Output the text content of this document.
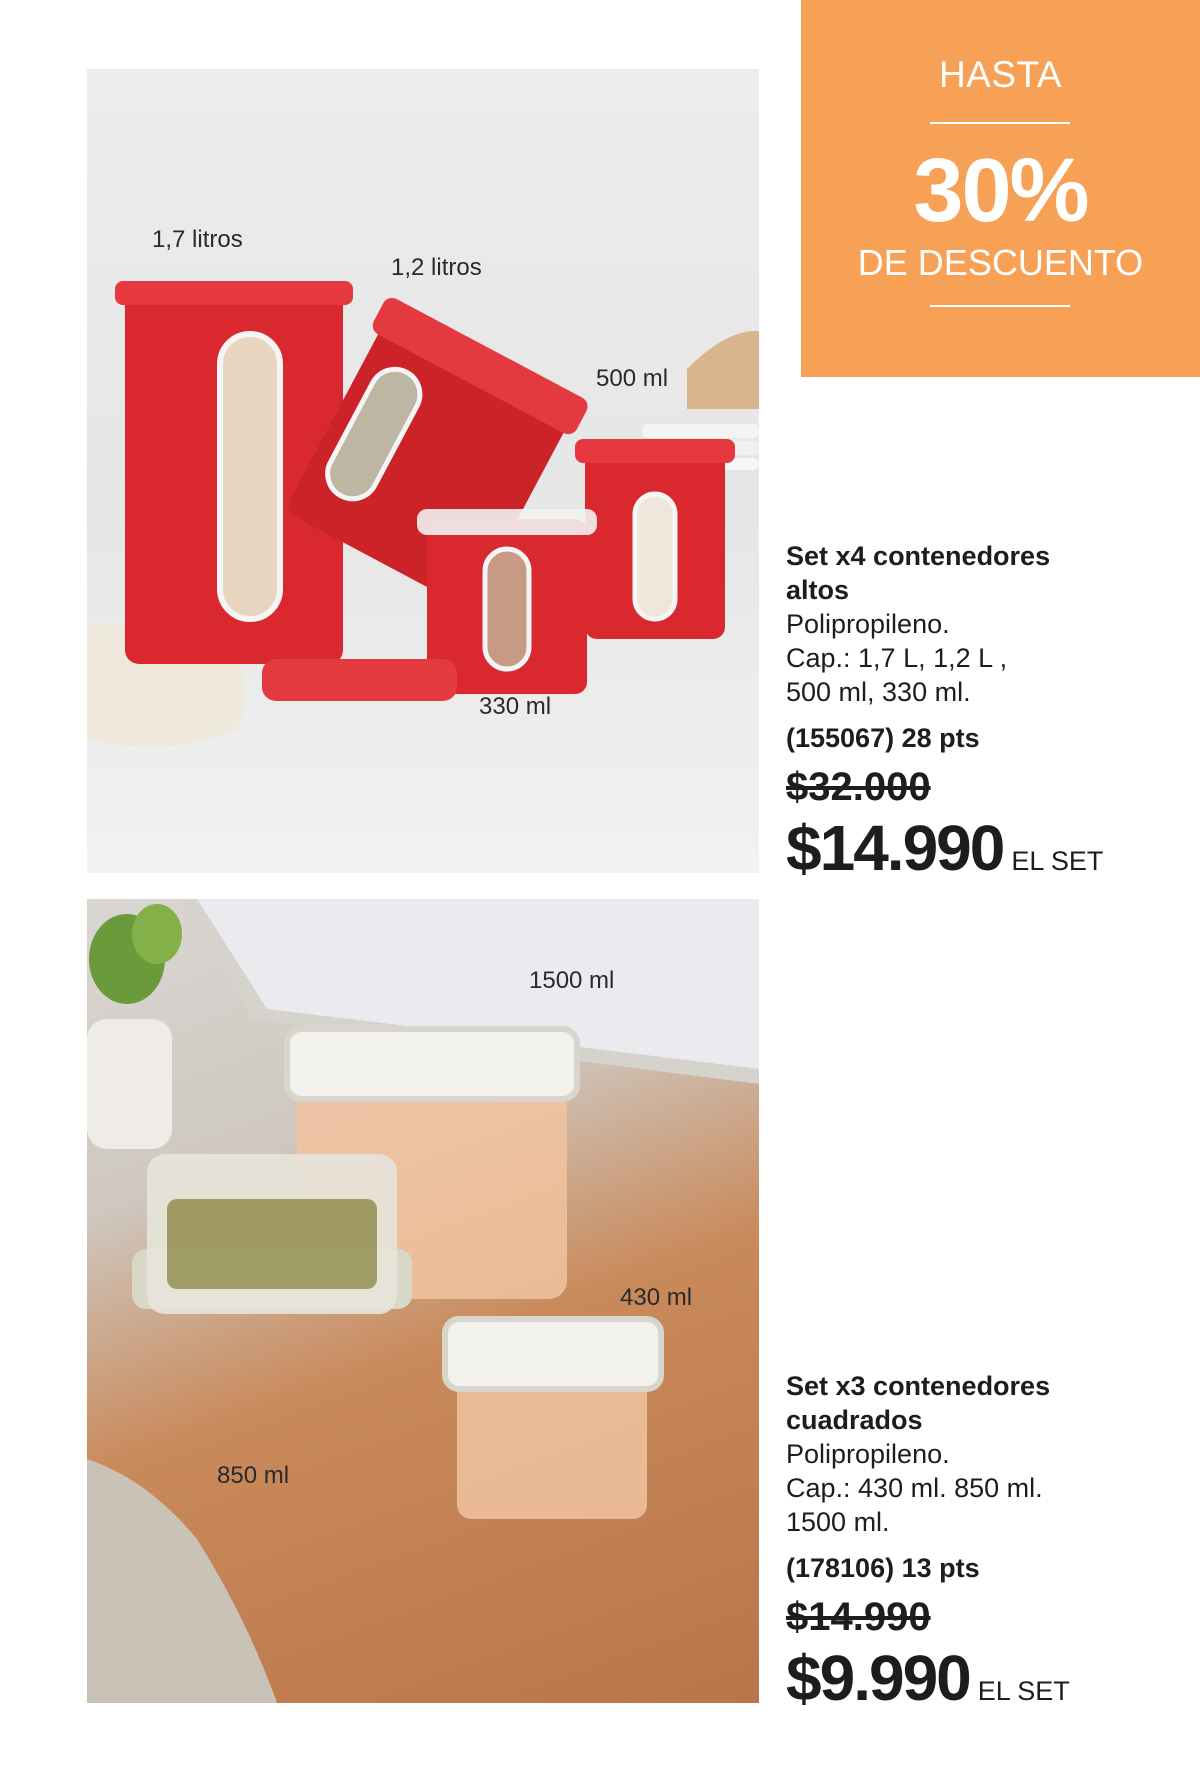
HASTA
30%
DE DESCUENTO
1,7 litros
1,2 litros
500 ml
330 ml
Set x4 contenedores
altos
Polipropileno.
Cap.: 1,7 L, 1,2 L ,
500 ml, 330 ml.
(155067) 28 pts
$32.000
$14.990 EL SET
1500 ml
430 ml
850 ml
Set x3 contenedores
cuadrados
Polipropileno.
Cap.: 430 ml. 850 ml.
1500 ml.
(178106) 13 pts
$14.990
$9.990 EL SET
